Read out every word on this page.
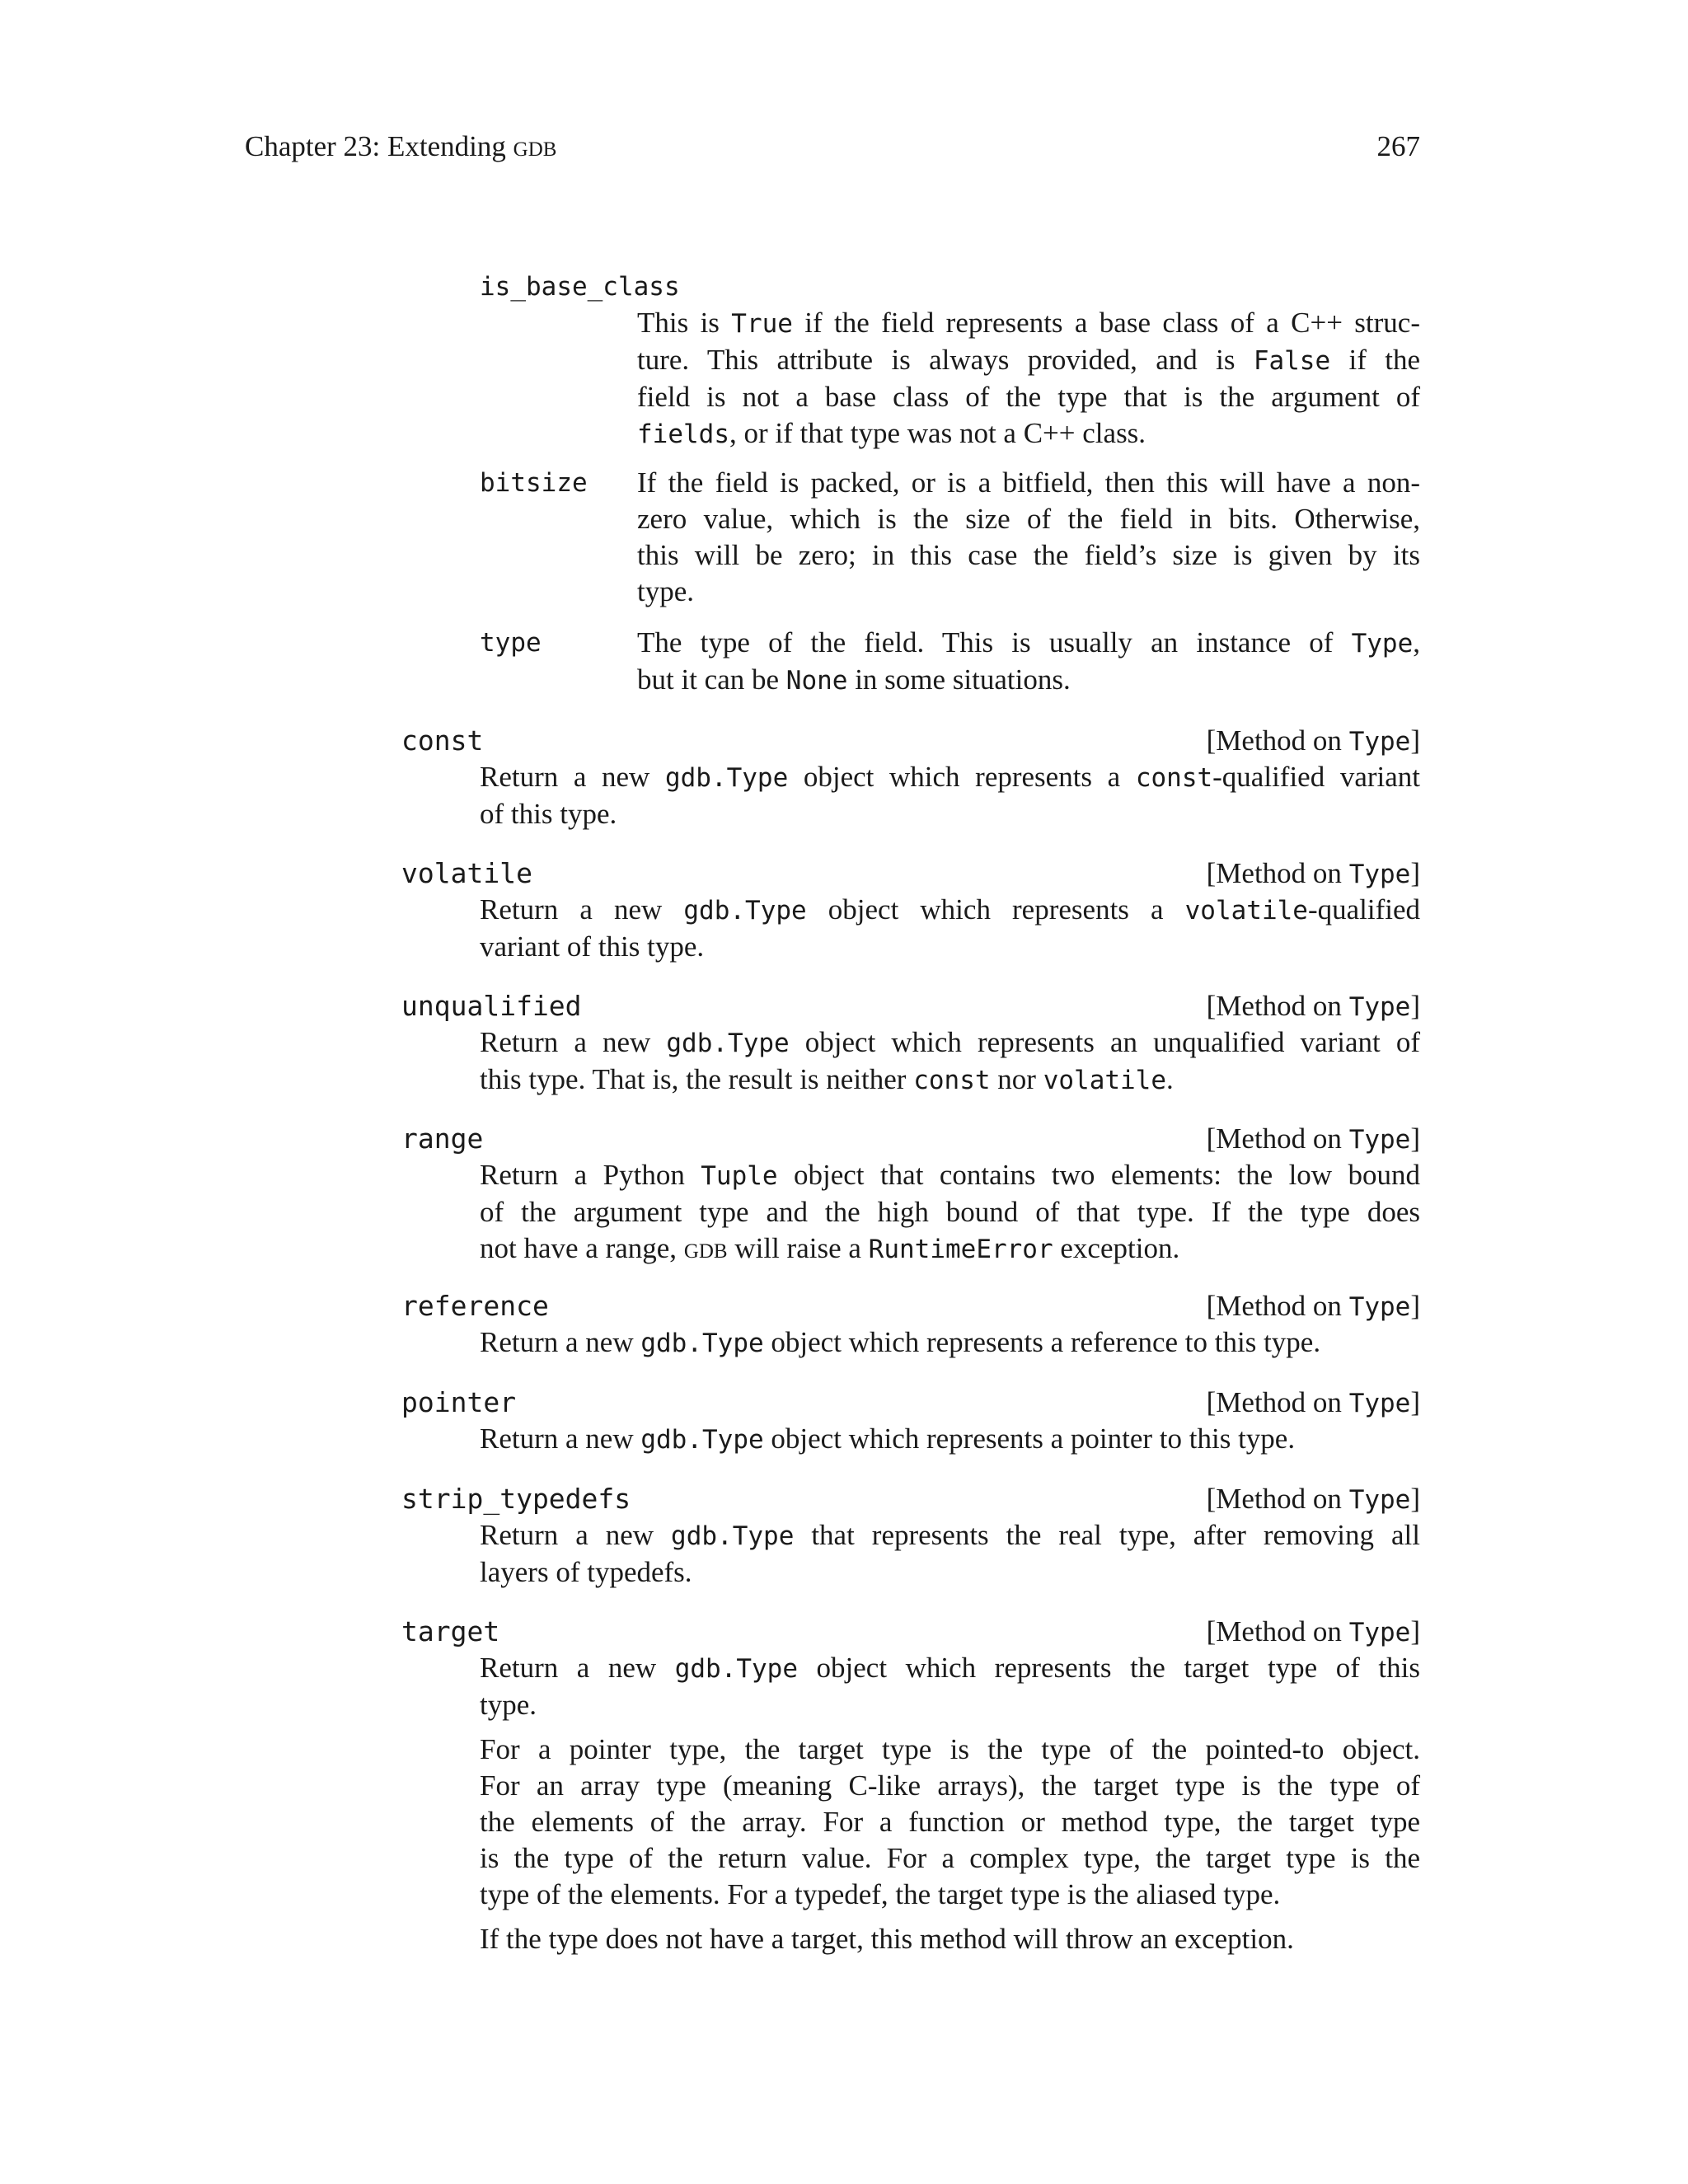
Chapter 23: Extending gdb	267
is_base_class
This is True if the field represents a base class of a C++ struc-
ture. This attribute is always provided, and is False if the
field is not a base class of the type that is the argument of
fields, or if that type was not a C++ class.
bitsize If the field is packed, or is a bitfield, then this will have a non-
zero value, which is the size of the field in bits. Otherwise,
this will be zero; in this case the field’s size is given by its
type.
type	The type of the field. This is usually an instance of Type,
but it can be None in some situations.
const	[Method on Type]

Return a new gdb.Type object which represents a const-qualified variant
of this type.

volatile	[Method on Type]

Return a new gdb.Type object which represents a volatile-qualified
variant of this type.

unqualified	[Method on Type]

Return a new gdb.Type object which represents an unqualified variant of
this type. That is, the result is neither const nor volatile.

range	[Method on Type]

Return a Python Tuple object that contains two elements: the low bound
of the argument type and the high bound of that type. If the type does
not have a range, gdb will raise a RuntimeError exception.

reference	[Method on Type]

Return a new gdb.Type object which represents a reference to this type.

pointer	[Method on Type]

Return a new gdb.Type object which represents a pointer to this type.

strip_typedefs	[Method on Type]

Return a new gdb.Type that represents the real type, after removing all
layers of typedefs.

target	[Method on Type]

Return a new gdb.Type object which represents the target type of this
type.

For a pointer type, the target type is the type of the pointed-to object.
For an array type (meaning C-like arrays), the target type is the type of
the elements of the array. For a function or method type, the target type
is the type of the return value. For a complex type, the target type is the
type of the elements. For a typedef, the target type is the aliased type.

If the type does not have a target, this method will throw an exception.
